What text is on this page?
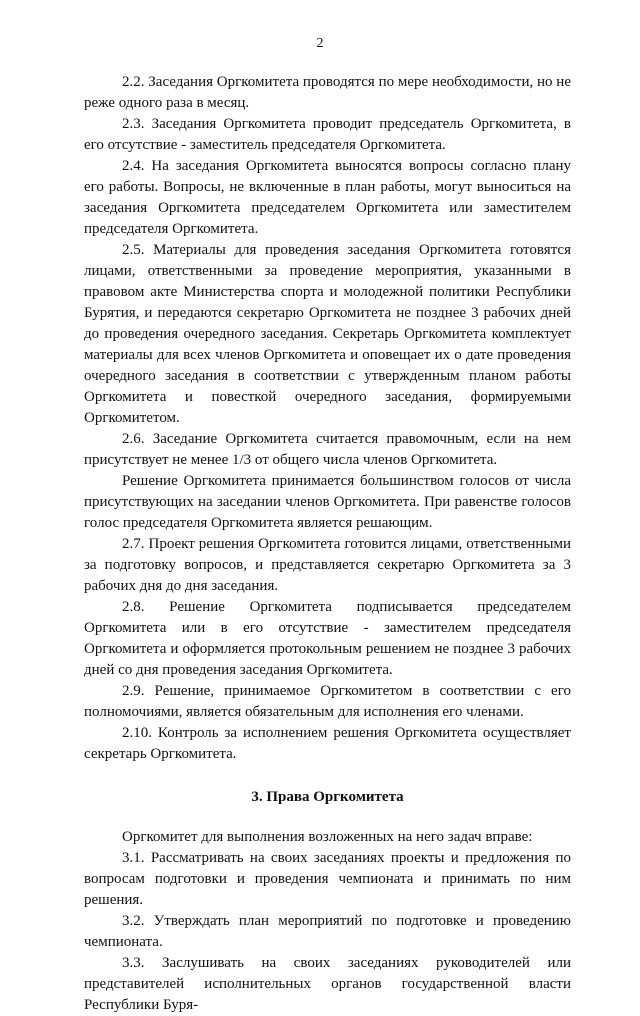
2

2.2. Заседания Оргкомитета проводятся по мере необходимости, но не реже одного раза в месяц.

2.3. Заседания Оргкомитета проводит председатель Оргкомитета, в его отсутствие - заместитель председателя Оргкомитета.

2.4. На заседания Оргкомитета выносятся вопросы согласно плану его работы. Вопросы, не включенные в план работы, могут выноситься на заседания Оргкомитета председателем Оргкомитета или заместителем председателя Оргкомитета.

2.5. Материалы для проведения заседания Оргкомитета готовятся лицами, ответственными за проведение мероприятия, указанными в правовом акте Министерства спорта и молодежной политики Республики Бурятия, и передаются секретарю Оргкомитета не позднее 3 рабочих дней до проведения очередного заседания. Секретарь Оргкомитета комплектует материалы для всех членов Оргкомитета и оповещает их о дате проведения очередного заседания в соответствии с утвержденным планом работы Оргкомитета и повесткой очередного заседания, формируемыми Оргкомитетом.

2.6. Заседание Оргкомитета считается правомочным, если на нем присутствует не менее 1/3 от общего числа членов Оргкомитета.

Решение Оргкомитета принимается большинством голосов от числа присутствующих на заседании членов Оргкомитета. При равенстве голосов голос председателя Оргкомитета является решающим.

2.7. Проект решения Оргкомитета готовится лицами, ответственными за подготовку вопросов, и представляется секретарю Оргкомитета за 3 рабочих дня до дня заседания.

2.8. Решение Оргкомитета подписывается председателем Оргкомитета или в его отсутствие - заместителем председателя Оргкомитета и оформляется протокольным решением не позднее 3 рабочих дней со дня проведения заседания Оргкомитета.

2.9. Решение, принимаемое Оргкомитетом в соответствии с его полномочиями, является обязательным для исполнения его членами.

2.10. Контроль за исполнением решения Оргкомитета осуществляет секретарь Оргкомитета.

3. Права Оргкомитета

Оргкомитет для выполнения возложенных на него задач вправе:

3.1. Рассматривать на своих заседаниях проекты и предложения по вопросам подготовки и проведения чемпионата и принимать по ним решения.

3.2. Утверждать план мероприятий по подготовке и проведению чемпионата.

3.3. Заслушивать на своих заседаниях руководителей или представителей исполнительных органов государственной власти Республики Буря-
